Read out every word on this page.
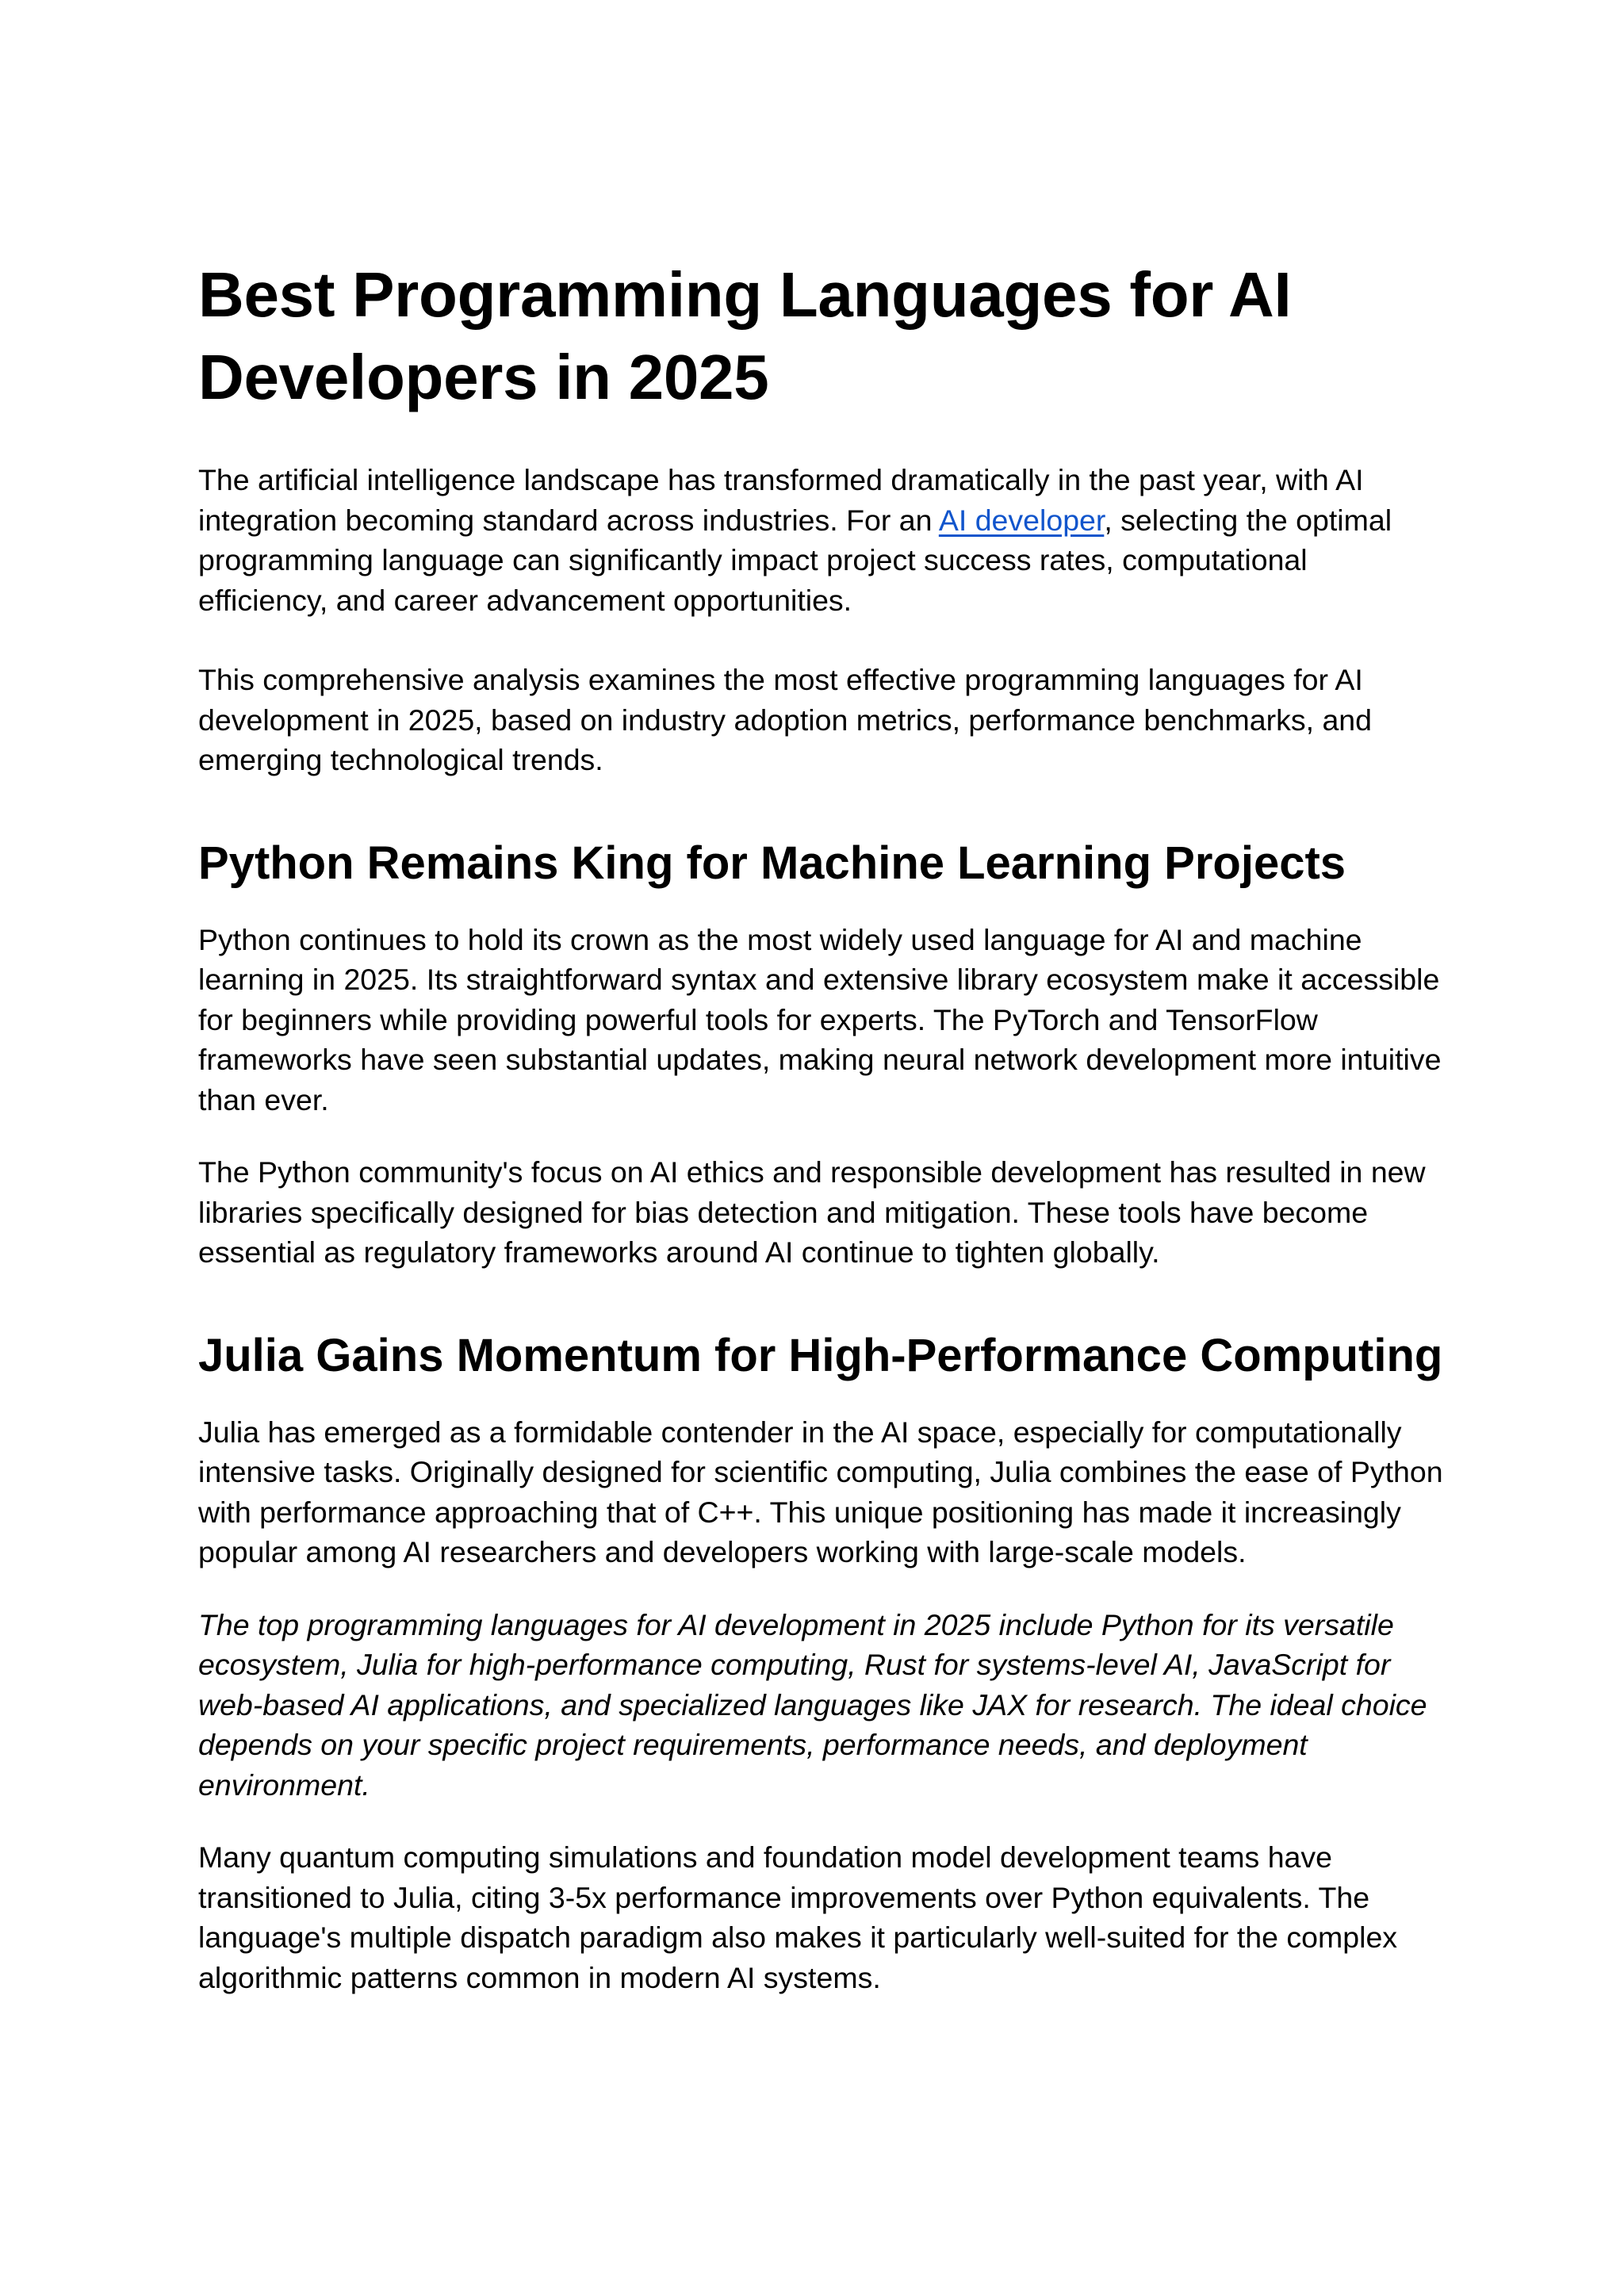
Best Programming Languages for AI Developers in 2025

The artificial intelligence landscape has transformed dramatically in the past year, with AI integration becoming standard across industries. For an AI developer, selecting the optimal programming language can significantly impact project success rates, computational efficiency, and career advancement opportunities.

This comprehensive analysis examines the most effective programming languages for AI development in 2025, based on industry adoption metrics, performance benchmarks, and emerging technological trends.

Python Remains King for Machine Learning Projects

Python continues to hold its crown as the most widely used language for AI and machine learning in 2025. Its straightforward syntax and extensive library ecosystem make it accessible for beginners while providing powerful tools for experts. The PyTorch and TensorFlow frameworks have seen substantial updates, making neural network development more intuitive than ever.

The Python community's focus on AI ethics and responsible development has resulted in new libraries specifically designed for bias detection and mitigation. These tools have become essential as regulatory frameworks around AI continue to tighten globally.

Julia Gains Momentum for High-Performance Computing

Julia has emerged as a formidable contender in the AI space, especially for computationally intensive tasks. Originally designed for scientific computing, Julia combines the ease of Python with performance approaching that of C++. This unique positioning has made it increasingly popular among AI researchers and developers working with large-scale models.

The top programming languages for AI development in 2025 include Python for its versatile ecosystem, Julia for high-performance computing, Rust for systems-level AI, JavaScript for web-based AI applications, and specialized languages like JAX for research. The ideal choice depends on your specific project requirements, performance needs, and deployment environment.

Many quantum computing simulations and foundation model development teams have transitioned to Julia, citing 3-5x performance improvements over Python equivalents. The language's multiple dispatch paradigm also makes it particularly well-suited for the complex algorithmic patterns common in modern AI systems.
